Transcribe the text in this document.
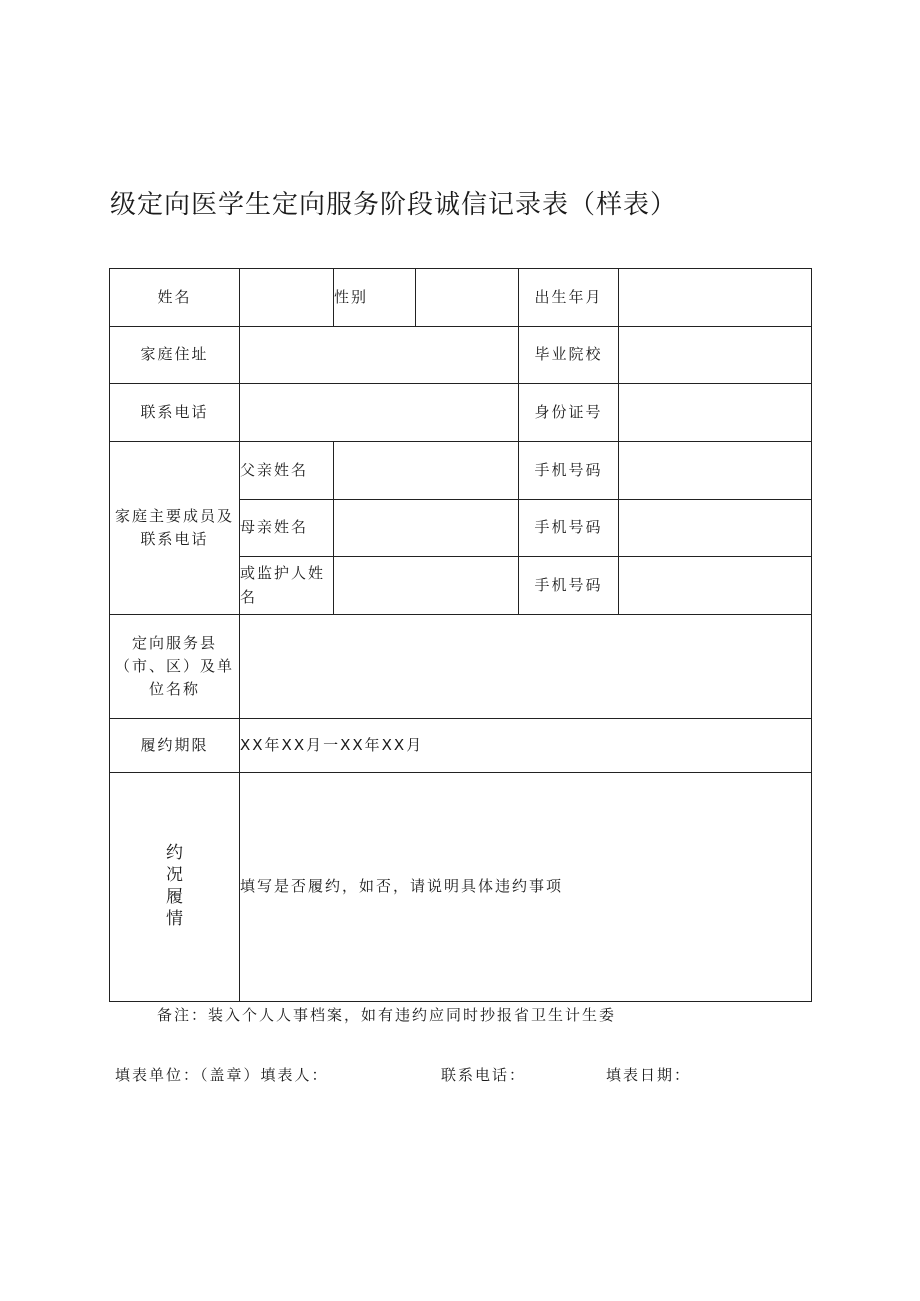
级定向医学生定向服务阶段诚信记录表（样表）
姓名		性别		出生年月	
家庭住址				毕业院校	
联系电话				身份证号	
家庭主要成员及联系电话	父亲姓名			手机号码	
	母亲姓名			手机号码	
	或监护人姓名			手机号码	
定向服务县（市、区）及单位名称					
履约期限	XX年XX月一XX年XX月				
约况履情	填写是否履约，如否，请说明具体违约事项				
备注：装入个人人事档案，如有违约应同时抄报省卫生计生委
填表单位：（盖章）填表人：	联系电话：	填表日期：
